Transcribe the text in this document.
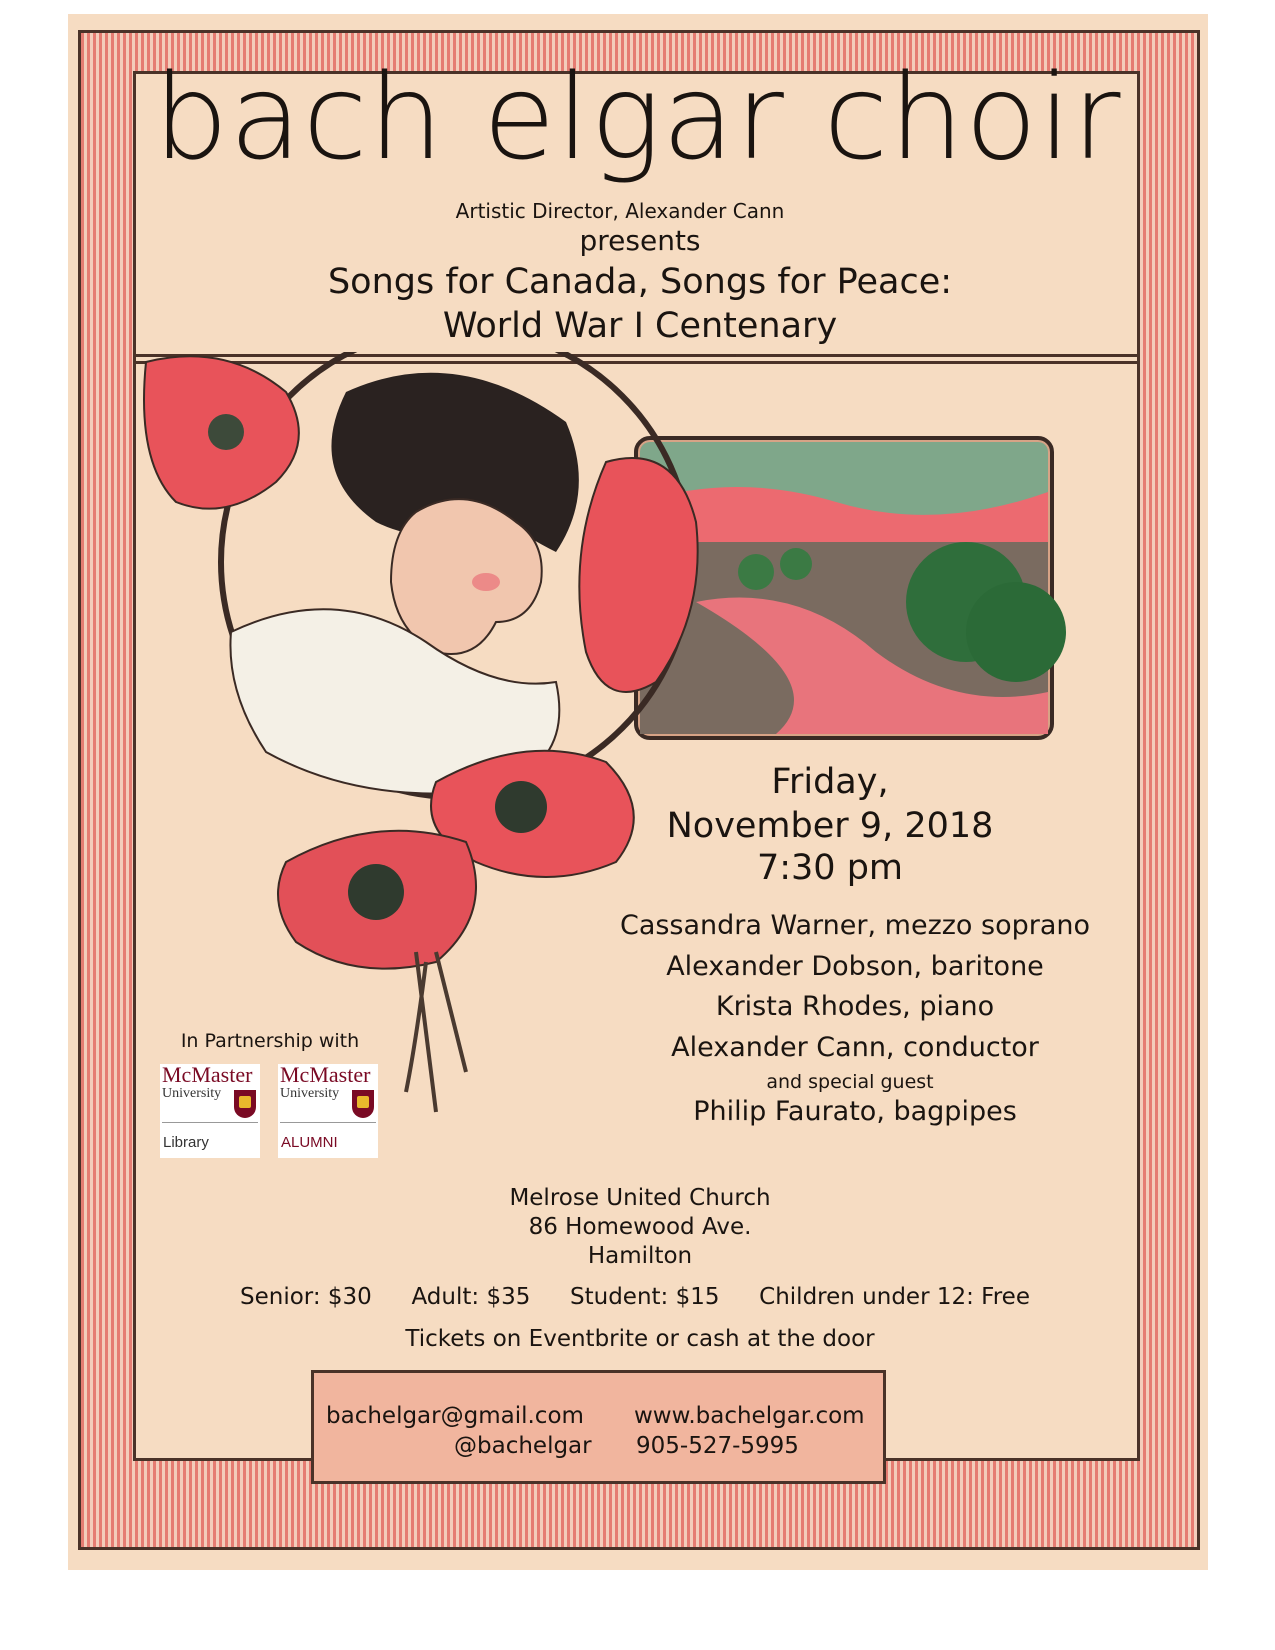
bach elgar choir
Artistic Director, Alexander Cann
presents
Songs for Canada, Songs for Peace:
World War I Centenary
Friday,
November 9, 2018
7:30 pm
Cassandra Warner, mezzo soprano
Alexander Dobson, baritone
Krista Rhodes, piano
Alexander Cann, conductor
and special guest
Philip Faurato, bagpipes
In Partnership with
McMaster
University
Library
McMaster
University
ALUMNI
Melrose United Church
86 Homewood Ave.
Hamilton
Senior: $30 Adult: $35 Student: $15 Children under 12: Free
Tickets on Eventbrite or cash at the door
bachelgar@gmail.com www.bachelgar.com
@bachelgar 905-527-5995
